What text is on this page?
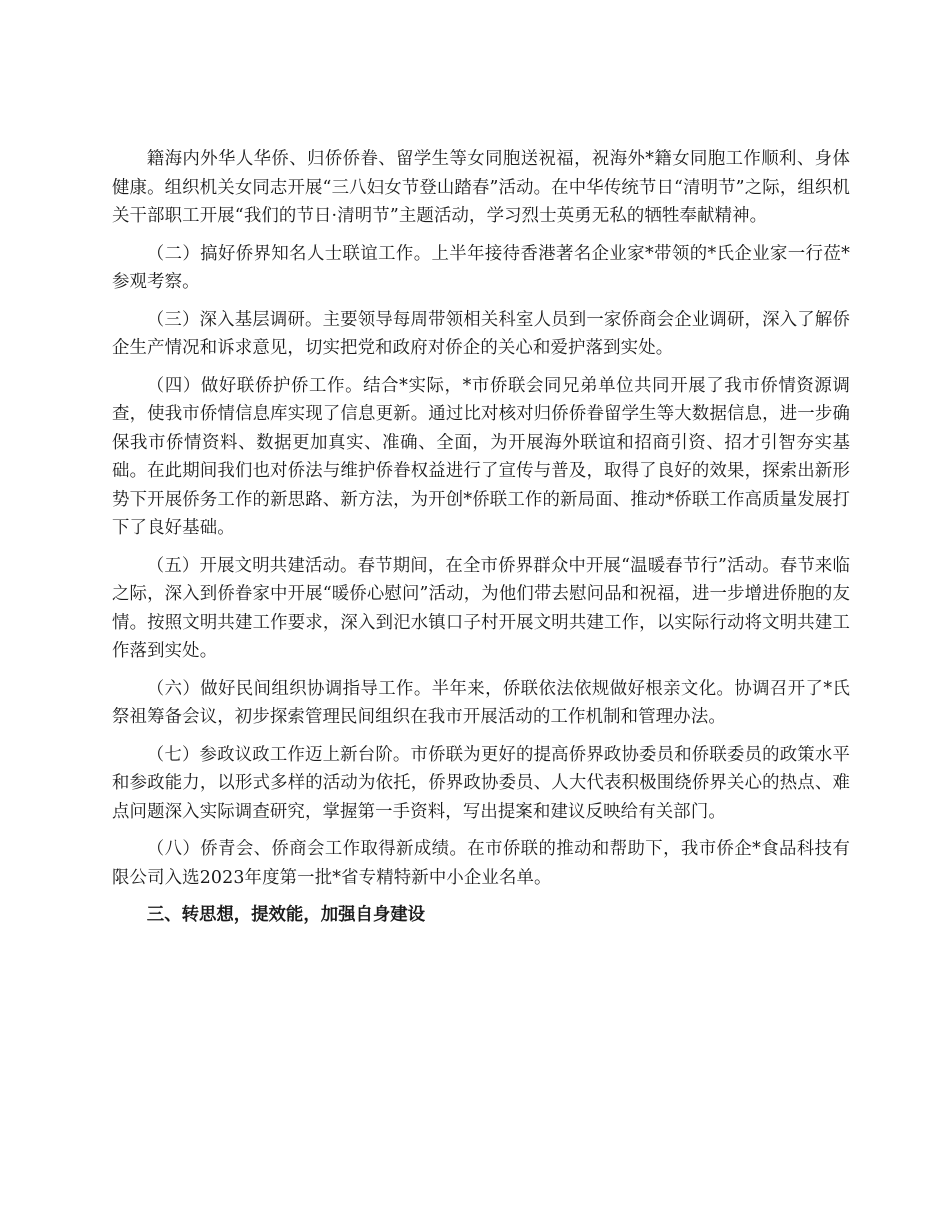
籍海内外华人华侨、归侨侨眷、留学生等女同胞送祝福，祝海外*籍女同胞工作顺利、身体健康。组织机关女同志开展“三八妇女节登山踏春”活动。在中华传统节日“清明节”之际，组织机关干部职工开展“我们的节日·清明节”主题活动，学习烈士英勇无私的牺牲奉献精神。

（二）搞好侨界知名人士联谊工作。上半年接待香港著名企业家*带领的*氏企业家一行莅*参观考察。

（三）深入基层调研。主要领导每周带领相关科室人员到一家侨商会企业调研，深入了解侨企生产情况和诉求意见，切实把党和政府对侨企的关心和爱护落到实处。

（四）做好联侨护侨工作。结合*实际，*市侨联会同兄弟单位共同开展了我市侨情资源调查，使我市侨情信息库实现了信息更新。通过比对核对归侨侨眷留学生等大数据信息，进一步确保我市侨情资料、数据更加真实、准确、全面，为开展海外联谊和招商引资、招才引智夯实基础。在此期间我们也对侨法与维护侨眷权益进行了宣传与普及，取得了良好的效果，探索出新形势下开展侨务工作的新思路、新方法，为开创*侨联工作的新局面、推动*侨联工作高质量发展打下了良好基础。

（五）开展文明共建活动。春节期间，在全市侨界群众中开展“温暖春节行”活动。春节来临之际，深入到侨眷家中开展“暖侨心慰问”活动，为他们带去慰问品和祝福，进一步增进侨胞的友情。按照文明共建工作要求，深入到汜水镇口子村开展文明共建工作，以实际行动将文明共建工作落到实处。

（六）做好民间组织协调指导工作。半年来，侨联依法依规做好根亲文化。协调召开了*氏祭祖筹备会议，初步探索管理民间组织在我市开展活动的工作机制和管理办法。

（七）参政议政工作迈上新台阶。市侨联为更好的提高侨界政协委员和侨联委员的政策水平和参政能力，以形式多样的活动为依托，侨界政协委员、人大代表积极围绕侨界关心的热点、难点问题深入实际调查研究，掌握第一手资料，写出提案和建议反映给有关部门。

（八）侨青会、侨商会工作取得新成绩。在市侨联的推动和帮助下，我市侨企*食品科技有限公司入选2023年度第一批*省专精特新中小企业名单。

三、转思想，提效能，加强自身建设
